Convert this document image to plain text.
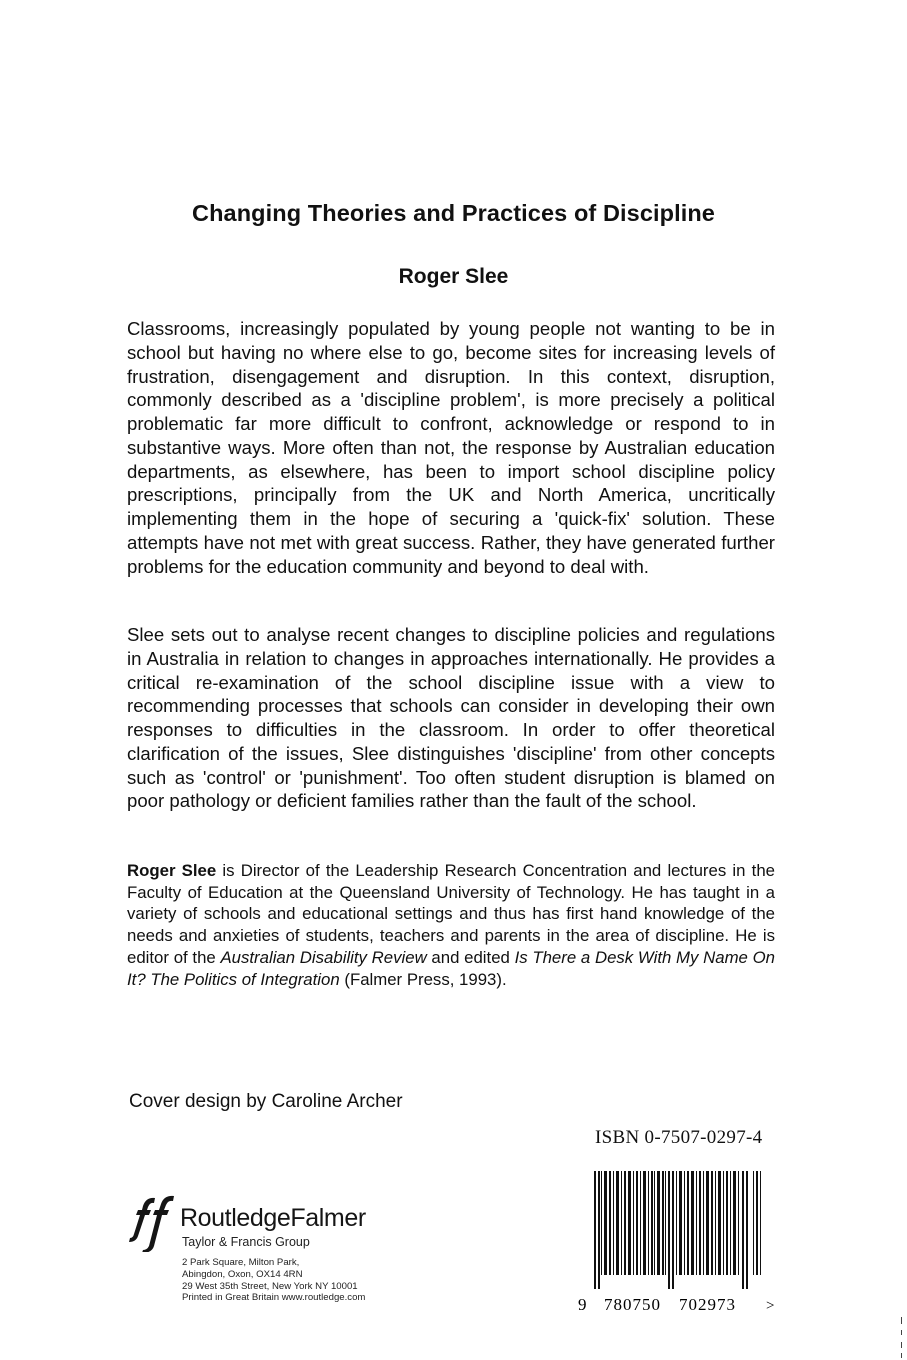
Changing Theories and Practices of Discipline
Roger Slee

Classrooms, increasingly populated by young people not wanting to be in school but having no where else to go, become sites for increasing levels of frustration, disengagement and disruption. In this context, disruption, commonly described as a 'discipline problem', is more precisely a political problematic far more difficult to confront, acknowledge or respond to in substantive ways. More often than not, the response by Australian education departments, as elsewhere, has been to import school discipline policy prescriptions, principally from the UK and North America, uncritically implementing them in the hope of securing a 'quick-fix' solution. These attempts have not met with great success. Rather, they have generated further problems for the education community and beyond to deal with.

Slee sets out to analyse recent changes to discipline policies and regulations in Australia in relation to changes in approaches internationally. He provides a critical re-examination of the school discipline issue with a view to recommending processes that schools can consider in developing their own responses to difficulties in the classroom. In order to offer theoretical clarification of the issues, Slee distinguishes 'discipline' from other concepts such as 'control' or 'punishment'. Too often student disruption is blamed on poor pathology or deficient families rather than the fault of the school.

Roger Slee is Director of the Leadership Research Concentration and lectures in the Faculty of Education at the Queensland University of Technology. He has taught in a variety of schools and educational settings and thus has first hand knowledge of the needs and anxieties of students, teachers and parents in the area of discipline. He is editor of the Australian Disability Review and edited Is There a Desk With My Name On It? The Politics of Integration (Falmer Press, 1993).

Cover design by Caroline Archer
ISBN 0-7507-0297-4
9 780750 702973 >
RoutledgeFalmer
Taylor & Francis Group
2 Park Square, Milton Park,
Abingdon, Oxon, OX14 4RN
29 West 35th Street, New York NY 10001
Printed in Great Britain www.routledge.com
